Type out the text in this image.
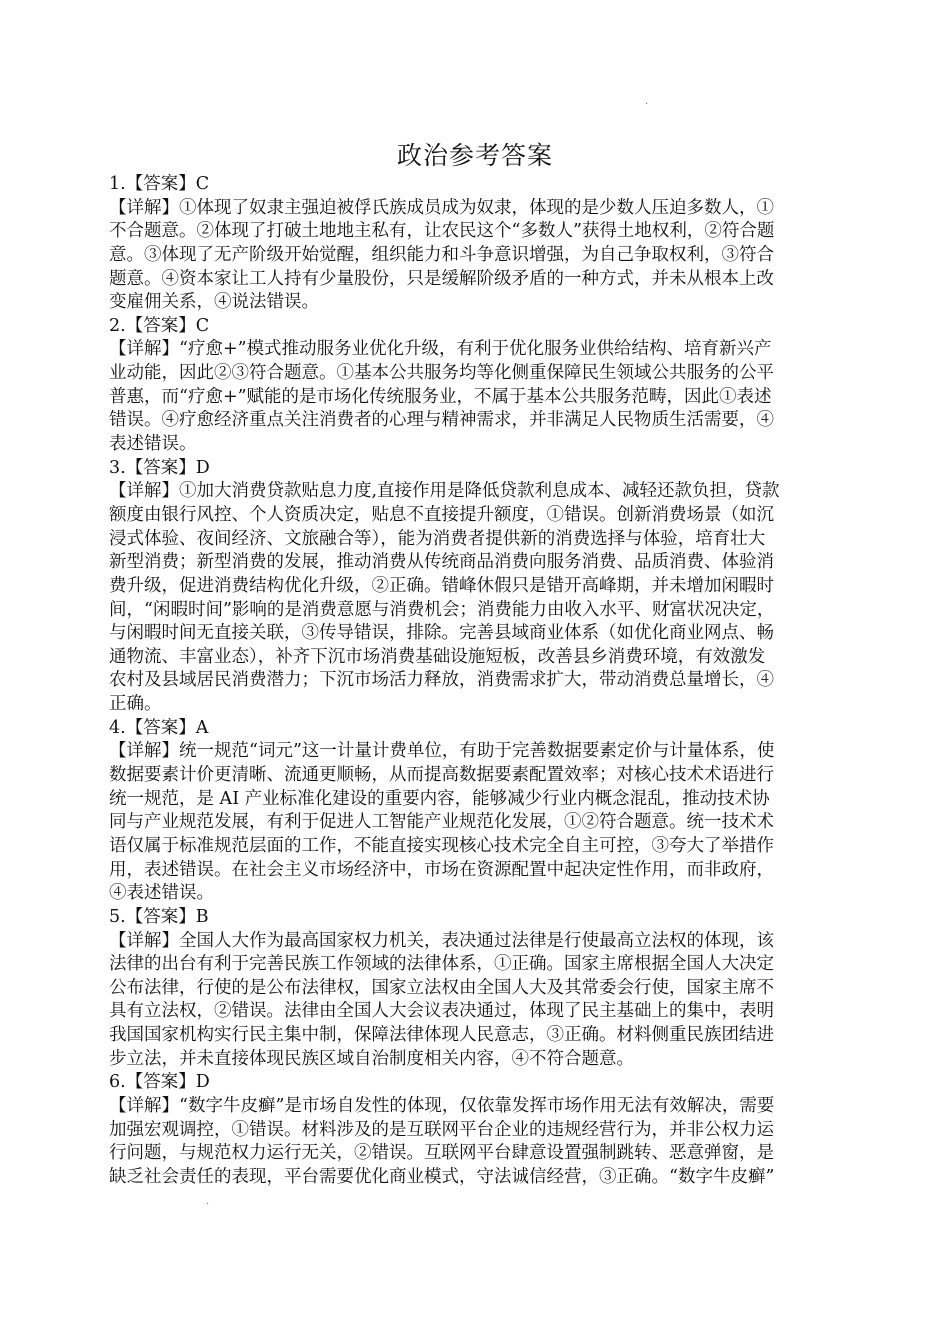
·
政治参考答案

1.【答案】C

【详解】①体现了奴隶主强迫被俘氏族成员成为奴隶，体现的是少数人压迫多数人，①

不合题意。②体现了打破土地地主私有，让农民这个“多数人”获得土地权利，②符合题

意。③体现了无产阶级开始觉醒，组织能力和斗争意识增强，为自己争取权利，③符合

题意。④资本家让工人持有少量股份，只是缓解阶级矛盾的一种方式，并未从根本上改

变雇佣关系，④说法错误。

2.【答案】C

【详解】“疗愈+”模式推动服务业优化升级，有利于优化服务业供给结构、培育新兴产

业动能，因此②③符合题意。①基本公共服务均等化侧重保障民生领域公共服务的公平

普惠，而“疗愈+”赋能的是市场化传统服务业，不属于基本公共服务范畴，因此①表述

错误。④疗愈经济重点关注消费者的心理与精神需求，并非满足人民物质生活需要，④

表述错误。

3.【答案】D

【详解】①加大消费贷款贴息力度,直接作用是降低贷款利息成本、减轻还款负担，贷款

额度由银行风控、个人资质决定，贴息不直接提升额度，①错误。创新消费场景（如沉

浸式体验、夜间经济、文旅融合等），能为消费者提供新的消费选择与体验，培育壮大

新型消费；新型消费的发展，推动消费从传统商品消费向服务消费、品质消费、体验消

费升级，促进消费结构优化升级，②正确。错峰休假只是错开高峰期，并未增加闲暇时

间，“闲暇时间”影响的是消费意愿与消费机会；消费能力由收入水平、财富状况决定，

与闲暇时间无直接关联，③传导错误，排除。完善县域商业体系（如优化商业网点、畅

通物流、丰富业态），补齐下沉市场消费基础设施短板，改善县乡消费环境，有效激发

农村及县域居民消费潜力；下沉市场活力释放，消费需求扩大，带动消费总量增长，④

正确。

4.【答案】A

【详解】统一规范“词元”这一计量计费单位，有助于完善数据要素定价与计量体系，使

数据要素计价更清晰、流通更顺畅，从而提高数据要素配置效率；对核心技术术语进行

统一规范，是 AI 产业标准化建设的重要内容，能够减少行业内概念混乱，推动技术协

同与产业规范发展，有利于促进人工智能产业规范化发展，①②符合题意。统一技术术

语仅属于标准规范层面的工作，不能直接实现核心技术完全自主可控，③夸大了举措作

用，表述错误。在社会主义市场经济中，市场在资源配置中起决定性作用，而非政府，

④表述错误。

5.【答案】B

【详解】全国人大作为最高国家权力机关，表决通过法律是行使最高立法权的体现，该

法律的出台有利于完善民族工作领域的法律体系，①正确。国家主席根据全国人大决定

公布法律，行使的是公布法律权，国家立法权由全国人大及其常委会行使，国家主席不

具有立法权，②错误。法律由全国人大会议表决通过，体现了民主基础上的集中，表明

我国国家机构实行民主集中制，保障法律体现人民意志，③正确。材料侧重民族团结进

步立法，并未直接体现民族区域自治制度相关内容，④不符合题意。

6.【答案】D

【详解】“数字牛皮癣”是市场自发性的体现，仅依靠发挥市场作用无法有效解决，需要

加强宏观调控，①错误。材料涉及的是互联网平台企业的违规经营行为，并非公权力运

行问题，与规范权力运行无关，②错误。互联网平台肆意设置强制跳转、恶意弹窗，是

缺乏社会责任的表现，平台需要优化商业模式，守法诚信经营，③正确。“数字牛皮癣”

·
